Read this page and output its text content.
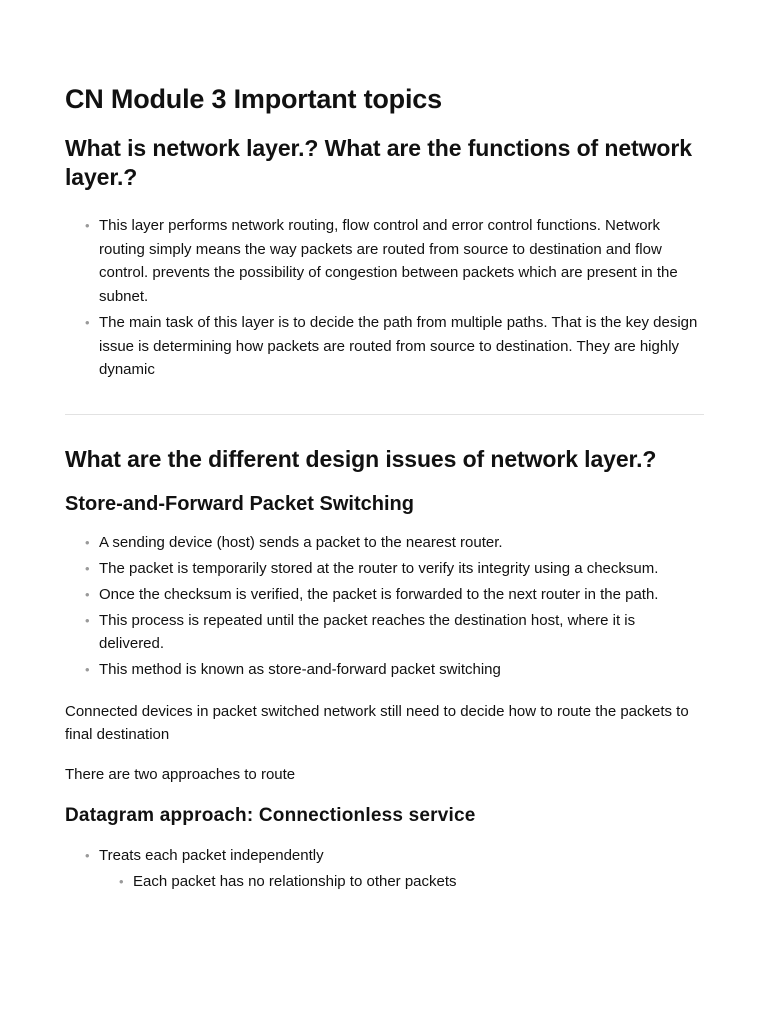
CN Module 3 Important topics
What is network layer.? What are the functions of network layer.?
• This layer performs network routing, flow control and error control functions. Network routing simply means the way packets are routed from source to destination and flow control. prevents the possibility of congestion between packets which are present in the subnet.
• The main task of this layer is to decide the path from multiple paths. That is the key design issue is determining how packets are routed from source to destination. They are highly dynamic
What are the different design issues of network layer.?
Store-and-Forward Packet Switching
• A sending device (host) sends a packet to the nearest router.
• The packet is temporarily stored at the router to verify its integrity using a checksum.
• Once the checksum is verified, the packet is forwarded to the next router in the path.
• This process is repeated until the packet reaches the destination host, where it is delivered.
• This method is known as store-and-forward packet switching

Connected devices in packet switched network still need to decide how to route the packets to final destination

There are two approaches to route

Datagram approach: Connectionless service
• Treats each packet independently
• Each packet has no relationship to other packets
